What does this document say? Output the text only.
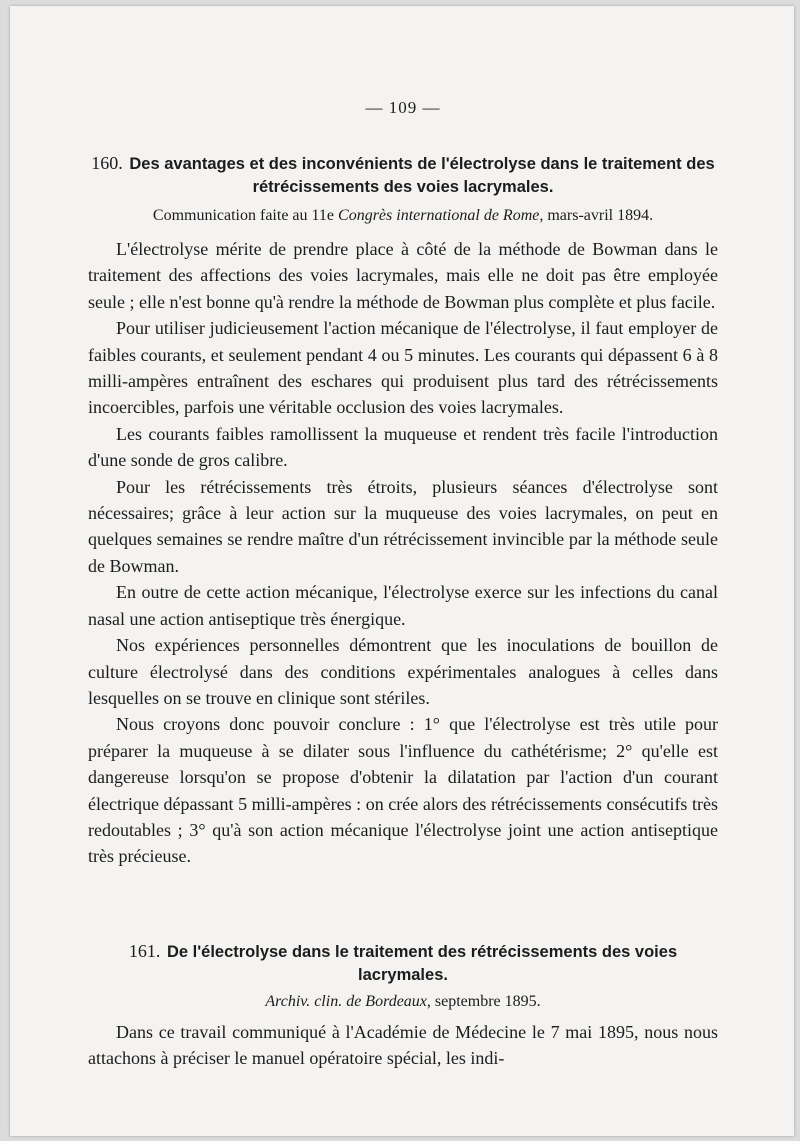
— 109 —
160. Des avantages et des inconvénients de l'électrolyse dans le traitement des rétrécissements des voies lacrymales.
Communication faite au 11e Congrès international de Rome, mars-avril 1894.

L'électrolyse mérite de prendre place à côté de la méthode de Bowman dans le traitement des affections des voies lacrymales, mais elle ne doit pas être employée seule ; elle n'est bonne qu'à rendre la méthode de Bowman plus complète et plus facile.

Pour utiliser judicieusement l'action mécanique de l'électrolyse, il faut employer de faibles courants, et seulement pendant 4 ou 5 minutes. Les courants qui dépassent 6 à 8 milli-ampères entraînent des eschares qui produisent plus tard des rétrécissements incoercibles, parfois une véritable occlusion des voies lacrymales.

Les courants faibles ramollissent la muqueuse et rendent très facile l'introduction d'une sonde de gros calibre.

Pour les rétrécissements très étroits, plusieurs séances d'électrolyse sont nécessaires; grâce à leur action sur la muqueuse des voies lacrymales, on peut en quelques semaines se rendre maître d'un rétrécissement invincible par la méthode seule de Bowman.

En outre de cette action mécanique, l'électrolyse exerce sur les infections du canal nasal une action antiseptique très énergique.

Nos expériences personnelles démontrent que les inoculations de bouillon de culture électrolysé dans des conditions expérimentales analogues à celles dans lesquelles on se trouve en clinique sont stériles.

Nous croyons donc pouvoir conclure : 1° que l'électrolyse est très utile pour préparer la muqueuse à se dilater sous l'influence du cathétérisme; 2° qu'elle est dangereuse lorsqu'on se propose d'obtenir la dilatation par l'action d'un courant électrique dépassant 5 milli-ampères : on crée alors des rétrécissements consécutifs très redoutables ; 3° qu'à son action mécanique l'électrolyse joint une action antiseptique très précieuse.

161. De l'électrolyse dans le traitement des rétrécissements des voies lacrymales.
Archiv. clin. de Bordeaux, septembre 1895.

Dans ce travail communiqué à l'Académie de Médecine le 7 mai 1895, nous nous attachons à préciser le manuel opératoire spécial, les indi-
